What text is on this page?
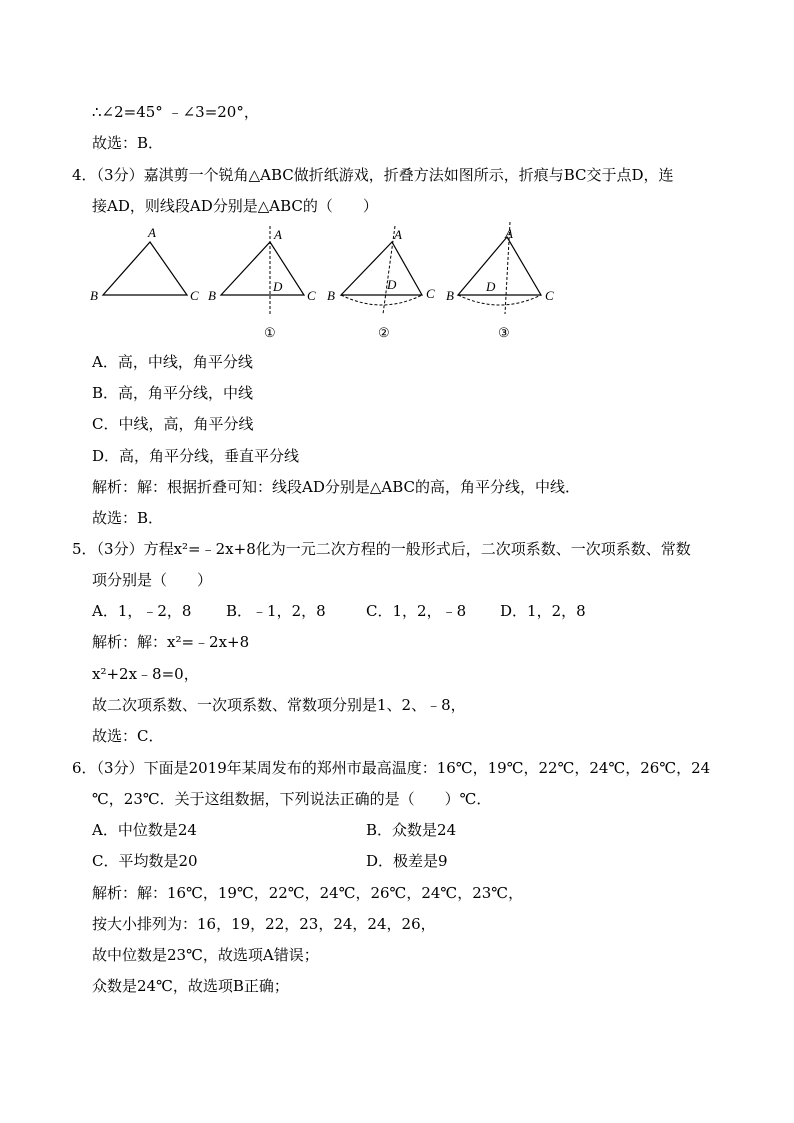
∴∠2=45° ﹣∠3=20°，
故选：B．
4．（3分）嘉淇剪一个锐角△ABC做折纸游戏，折叠方法如图所示，折痕与BC交于点D，连
接AD，则线段AD分别是△ABC的（　　）
A
B	C
A
B	C
D
①
A
B	C
D
②
A
B	C
D
③
A．高，中线，角平分线
B．高，角平分线，中线
C．中线，高，角平分线
D．高，角平分线，垂直平分线
解析：解：根据折叠可知：线段AD分别是△ABC的高，角平分线，中线．
故选：B．
5．（3分）方程x²=﹣2x+8化为一元二次方程的一般形式后，二次项系数、一次项系数、常数
项分别是（　　）
A．1，﹣2，8 B．﹣1，2，8	C．1，2，﹣8 D．1，2，8
解析：解：x²=﹣2x+8
x²+2x﹣8=0，
故二次项系数、一次项系数、常数项分别是1、2、﹣8，
故选：C．
6．（3分）下面是2019年某周发布的郑州市最高温度：16℃，19℃，22℃，24℃，26℃，24
℃，23℃．关于这组数据，下列说法正确的是（　　）℃．
A．中位数是24	B．众数是24
C．平均数是20	D．极差是9
解析：解：16℃，19℃，22℃，24℃，26℃，24℃，23℃，
按大小排列为：16，19，22，23，24，24，26，
故中位数是23℃，故选项A错误；
众数是24℃，故选项B正确；
